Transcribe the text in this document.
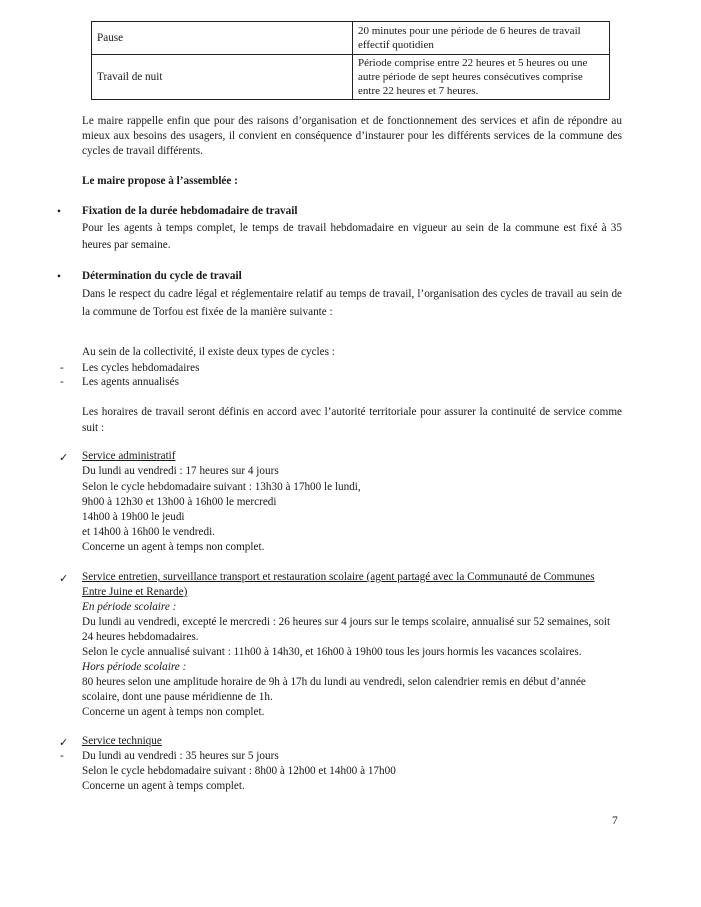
Pause	20 minutes pour une période de 6 heures de travail effectif quotidien
Travail de nuit	Période comprise entre 22 heures et 5 heures ou une autre période de sept heures consécutives comprise entre 22 heures et 7 heures.
Le maire rappelle enfin que pour des raisons d’organisation et de fonctionnement des services et afin de répondre au mieux aux besoins des usagers, il convient en conséquence d’instaurer pour les différents services de la commune des cycles de travail différents.
Le maire propose à l’assemblée :
• Fixation de la durée hebdomadaire de travail
Pour les agents à temps complet, le temps de travail hebdomadaire en vigueur au sein de la commune est fixé à 35 heures par semaine.
• Détermination du cycle de travail
Dans le respect du cadre légal et réglementaire relatif au temps de travail, l’organisation des cycles de travail au sein de la commune de Torfou est fixée de la manière suivante :
Au sein de la collectivité, il existe deux types de cycles :
- Les cycles hebdomadaires
- Les agents annualisés
Les horaires de travail seront définis en accord avec l’autorité territoriale pour assurer la continuité de service comme suit :
✓ Service administratif
Du lundi au vendredi : 17 heures sur 4 jours
Selon le cycle hebdomadaire suivant : 13h30 à 17h00 le lundi,
9h00 à 12h30 et 13h00 à 16h00 le mercredi
14h00 à 19h00 le jeudi
et 14h00 à 16h00 le vendredi.
Concerne un agent à temps non complet.
✓ Service entretien, surveillance transport et restauration scolaire (agent partagé avec la Communauté de Communes Entre Juine et Renarde)
En période scolaire :
Du lundi au vendredi, excepté le mercredi : 26 heures sur 4 jours sur le temps scolaire, annualisé sur 52 semaines, soit 24 heures hebdomadaires.
Selon le cycle annualisé suivant : 11h00 à 14h30, et 16h00 à 19h00 tous les jours hormis les vacances scolaires.
Hors période scolaire :
80 heures selon une amplitude horaire de 9h à 17h du lundi au vendredi, selon calendrier remis en début d’année scolaire, dont une pause méridienne de 1h.
Concerne un agent à temps non complet.
✓ Service technique
- Du lundi au vendredi : 35 heures sur 5 jours
Selon le cycle hebdomadaire suivant : 8h00 à 12h00 et 14h00 à 17h00
Concerne un agent à temps complet.
7
